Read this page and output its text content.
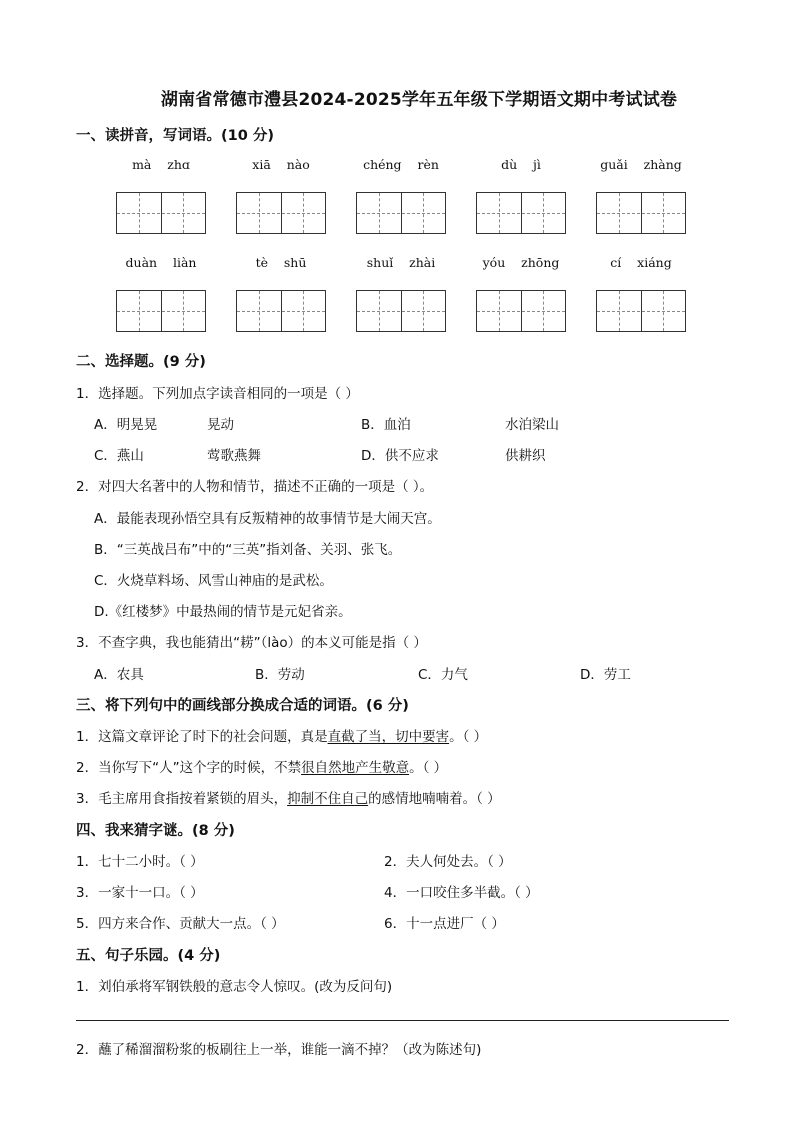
湖南省常德市澧县2024-2025学年五年级下学期语文期中考试试卷
一、读拼音，写词语。(10 分)
mà zhɑ	xiā nào	chéng rèn	dù jì	guǎi zhàng
duàn liàn	tè shū	shuǐ zhài	yóu zhōng	cí xiáng
二、选择题。(9 分)
1．选择题。下列加点字读音相同的一项是（ ）
A．明晃晃	晃动	B．血泊	水泊梁山
C．燕山	莺歌燕舞	D．供不应求	供耕织
2．对四大名著中的人物和情节，描述不正确的一项是（ ）。
A．最能表现孙悟空具有反叛精神的故事情节是大闹天宫。
B．“三英战吕布”中的“三英”指刘备、关羽、张飞。
C．火烧草料场、风雪山神庙的是武松。
D.《红楼梦》中最热闹的情节是元妃省亲。
3．不查字典，我也能猜出“耢”（lào）的本义可能是指（ ）
A．农具	B．劳动	C．力气	D．劳工
三、将下列句中的画线部分换成合适的词语。(6 分)
1．这篇文章评论了时下的社会问题，真是直截了当，切中要害。（ ）
2．当你写下“人”这个字的时候，不禁很自然地产生敬意。（ ）
3．毛主席用食指按着紧锁的眉头，抑制不住自己的感情地喃喃着。（ ）
四、我来猜字谜。(8 分)
1．七十二小时。（ ）	2．夫人何处去。（ ）
3．一家十一口。（ ）	4．一口咬住多半截。（ ）
5．四方来合作、贡献大一点。（ ）	6．十一点进厂（ ）
五、句子乐园。(4 分)
1．刘伯承将军钢铁般的意志令人惊叹。(改为反问句)
2．蘸了稀溜溜粉浆的板刷往上一举，谁能一滴不掉？（改为陈述句)
